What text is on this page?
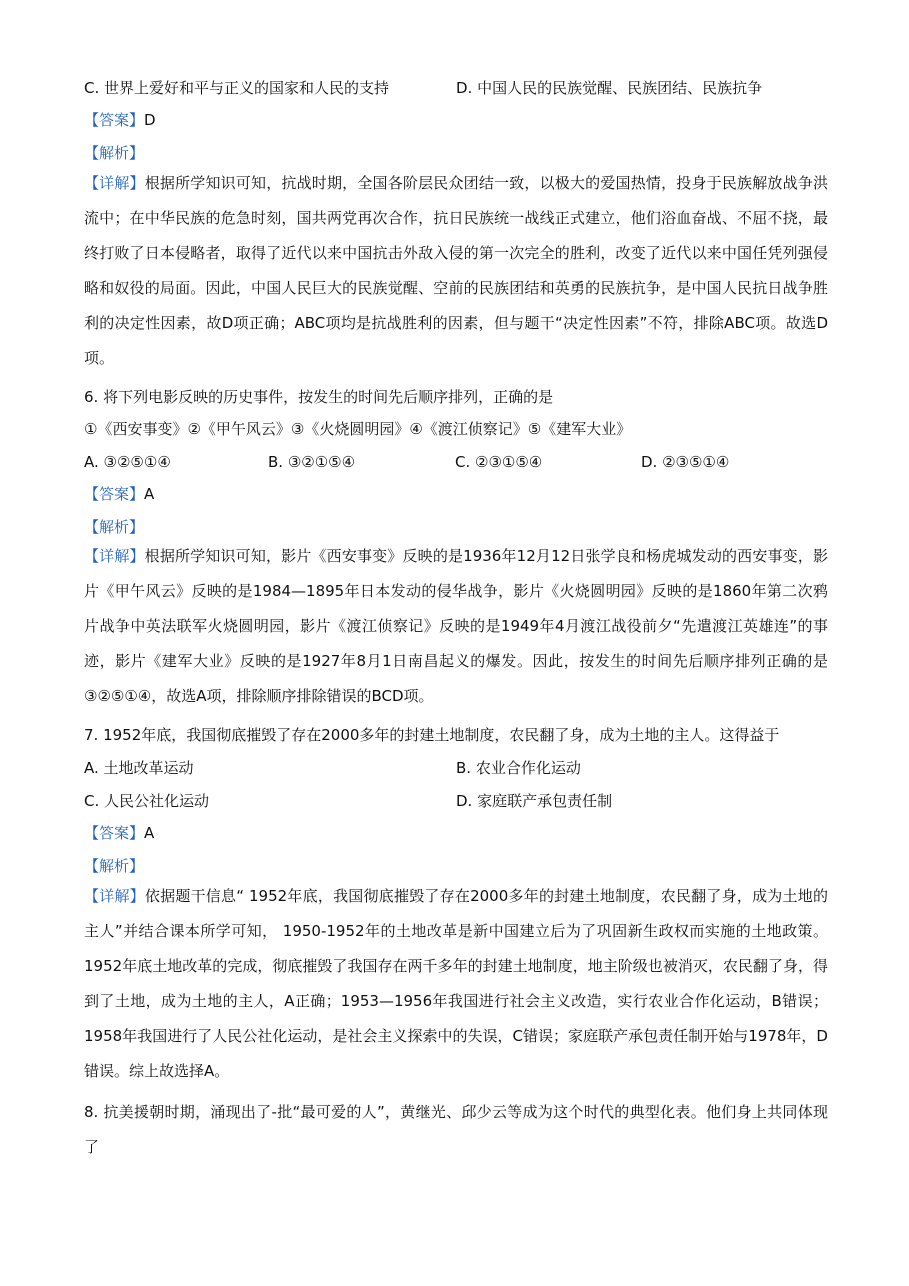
C. 世界上爱好和平与正义的国家和人民的支持	D. 中国人民的民族觉醒、民族团结、民族抗争
【答案】D
【解析】
【详解】根据所学知识可知，抗战时期，全国各阶层民众团结一致，以极大的爱国热情，投身于民族解放战争洪流中；在中华民族的危急时刻，国共两党再次合作，抗日民族统一战线正式建立，他们浴血奋战、不屈不挠，最终打败了日本侵略者，取得了近代以来中国抗击外敌入侵的第一次完全的胜利，改变了近代以来中国任凭列强侵略和奴役的局面。因此，中国人民巨大的民族觉醒、空前的民族团结和英勇的民族抗争，是中国人民抗日战争胜利的决定性因素，故D项正确；ABC项均是抗战胜利的因素，但与题干“决定性因素”不符，排除ABC项。故选D项。
6. 将下列电影反映的历史事件，按发生的时间先后顺序排列，正确的是
①《西安事变》②《甲午风云》③《火烧圆明园》④《渡江侦察记》⑤《建军大业》
A. ③②⑤①④	B. ③②①⑤④	C. ②③①⑤④	D. ②③⑤①④
【答案】A
【解析】
【详解】根据所学知识可知，影片《西安事变》反映的是1936年12月12日张学良和杨虎城发动的西安事变，影片《甲午风云》反映的是1984—1895年日本发动的侵华战争，影片《火烧圆明园》反映的是1860年第二次鸦片战争中英法联军火烧圆明园，影片《渡江侦察记》反映的是1949年4月渡江战役前夕“先遣渡江英雄连”的事迹，影片《建军大业》反映的是1927年8月1日南昌起义的爆发。因此，按发生的时间先后顺序排列正确的是③②⑤①④，故选A项，排除顺序排除错误的BCD项。
7. 1952年底，我国彻底摧毁了存在2000多年的封建土地制度，农民翻了身，成为土地的主人。这得益于
A. 土地改革运动	B. 农业合作化运动
C. 人民公社化运动	D. 家庭联产承包责任制
【答案】A
【解析】
【详解】依据题干信息“ 1952年底，我国彻底摧毁了存在2000多年的封建土地制度，农民翻了身，成为土地的主人”并结合课本所学可知， 1950-1952年的土地改革是新中国建立后为了巩固新生政权而实施的土地政策。1952年底土地改革的完成，彻底摧毁了我国存在两千多年的封建土地制度，地主阶级也被消灭，农民翻了身，得到了土地，成为土地的主人，A正确；1953—1956年我国进行社会主义改造，实行农业合作化运动，B错误；1958年我国进行了人民公社化运动，是社会主义探索中的失误，C错误；家庭联产承包责任制开始与1978年，D错误。综上故选择A。
8. 抗美援朝时期，涌现出了-批“最可爱的人”，黄继光、邱少云等成为这个时代的典型化表。他们身上共同体现了
